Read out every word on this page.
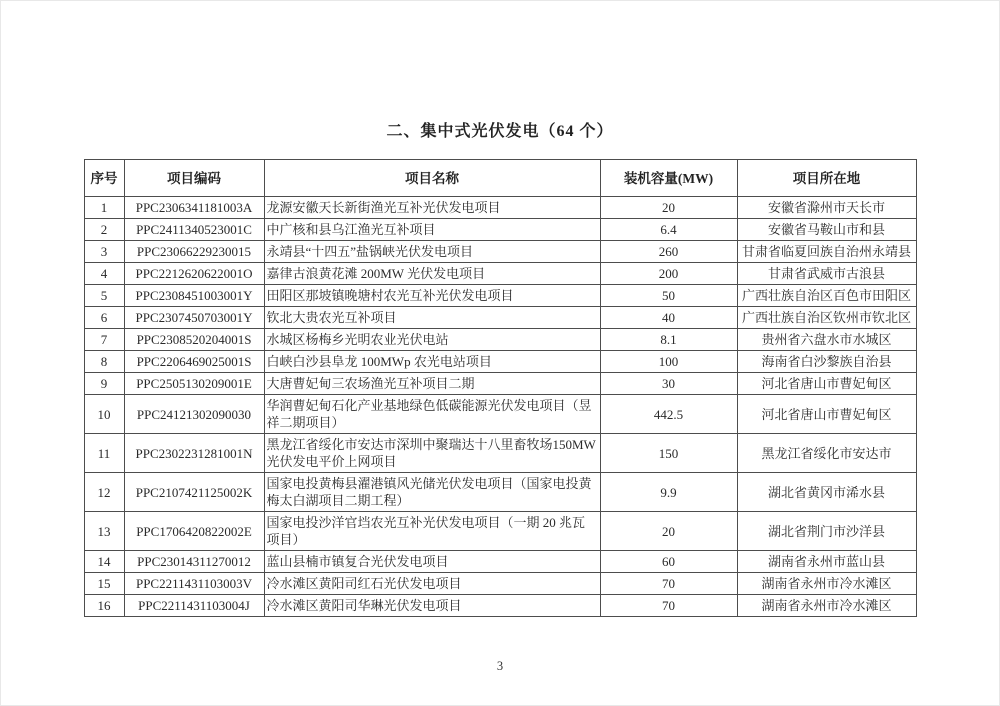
二、集中式光伏发电（64 个）
序号	项目编码	项目名称	装机容量(MW)	项目所在地
1	PPC2306341181003A	龙源安徽天长新街渔光互补光伏发电项目	20	安徽省滁州市天长市
2	PPC2411340523001C	中广核和县乌江渔光互补项目	6.4	安徽省马鞍山市和县
3	PPC23066229230015	永靖县“十四五”盐锅峡光伏发电项目	260	甘肃省临夏回族自治州永靖县
4	PPC2212620622001O	嘉律古浪黄花滩 200MW 光伏发电项目	200	甘肃省武威市古浪县
5	PPC2308451003001Y	田阳区那坡镇晚塘村农光互补光伏发电项目	50	广西壮族自治区百色市田阳区
6	PPC2307450703001Y	钦北大贵农光互补项目	40	广西壮族自治区钦州市钦北区
7	PPC2308520204001S	水城区杨梅乡光明农业光伏电站	8.1	贵州省六盘水市水城区
8	PPC2206469025001S	白峡白沙县阜龙 100MWp 农光电站项目	100	海南省白沙黎族自治县
9	PPC2505130209001E	大唐曹妃甸三农场渔光互补项目二期	30	河北省唐山市曹妃甸区
10	PPC24121302090030	华润曹妃甸石化产业基地绿色低碳能源光伏发电项目（昱祥二期项目）	442.5	河北省唐山市曹妃甸区
11	PPC2302231281001N	黑龙江省绥化市安达市深圳中聚瑞达十八里畜牧场150MW 光伏发电平价上网项目	150	黑龙江省绥化市安达市
12	PPC2107421125002K	国家电投黄梅县濯港镇风光储光伏发电项目（国家电投黄梅太白湖项目二期工程）	9.9	湖北省黄冈市浠水县
13	PPC1706420822002E	国家电投沙洋官垱农光互补光伏发电项目（一期 20 兆瓦项目）	20	湖北省荆门市沙洋县
14	PPC23014311270012	蓝山县楠市镇复合光伏发电项目	60	湖南省永州市蓝山县
15	PPC2211431103003V	冷水滩区黄阳司红石光伏发电项目	70	湖南省永州市冷水滩区
16	PPC2211431103004J	冷水滩区黄阳司华琳光伏发电项目	70	湖南省永州市冷水滩区
3
